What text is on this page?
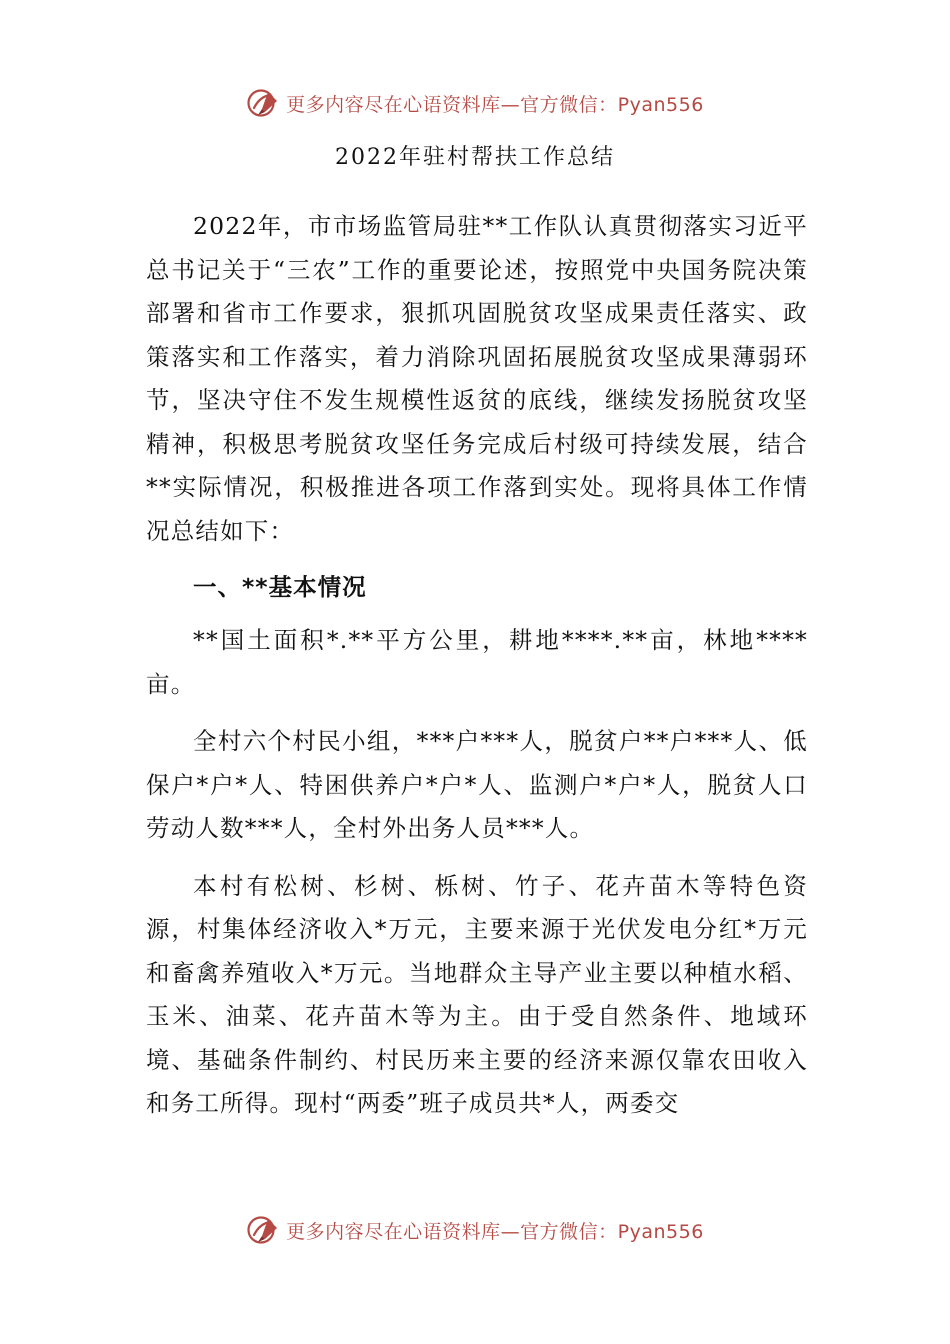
更多内容尽在心语资料库—官方微信：Pyan556
2022年驻村帮扶工作总结

2022年，市市场监管局驻**工作队认真贯彻落实习近平总书记关于“三农”工作的重要论述，按照党中央国务院决策部署和省市工作要求，狠抓巩固脱贫攻坚成果责任落实、政策落实和工作落实，着力消除巩固拓展脱贫攻坚成果薄弱环节，坚决守住不发生规模性返贫的底线，继续发扬脱贫攻坚精神，积极思考脱贫攻坚任务完成后村级可持续发展，结合**实际情况，积极推进各项工作落到实处。现将具体工作情况总结如下：

一、**基本情况

**国土面积*.**平方公里，耕地****.**亩，林地****亩。

全村六个村民小组，***户***人，脱贫户**户***人、低保户*户*人、特困供养户*户*人、监测户*户*人，脱贫人口劳动人数***人，全村外出务人员***人。

本村有松树、杉树、栎树、竹子、花卉苗木等特色资源，村集体经济收入*万元，主要来源于光伏发电分红*万元和畜禽养殖收入*万元。当地群众主导产业主要以种植水稻、玉米、油菜、花卉苗木等为主。由于受自然条件、地域环境、基础条件制约、村民历来主要的经济来源仅靠农田收入和务工所得。现村“两委”班子成员共*人，两委交

更多内容尽在心语资料库—官方微信：Pyan556
